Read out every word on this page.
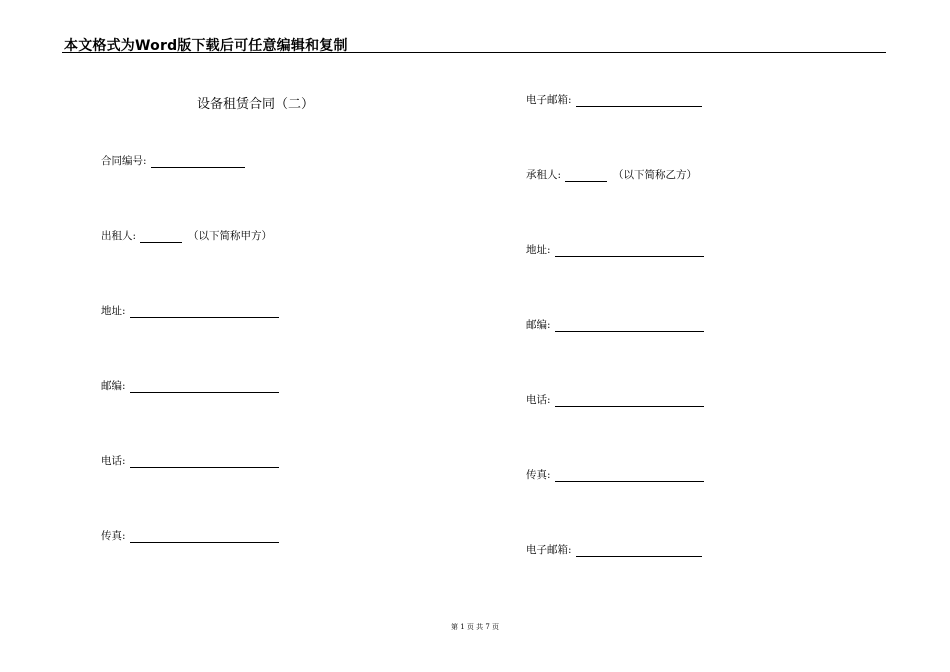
本文格式为Word版下载后可任意编辑和复制
设备租赁合同（二）
合同编号:
出租人:	（以下简称甲方）
地址:
邮编:
电话:
传真:
电子邮箱:
承租人:	（以下简称乙方）
地址:
邮编:
电话:
传真:
电子邮箱:
第 1 页 共 7 页
